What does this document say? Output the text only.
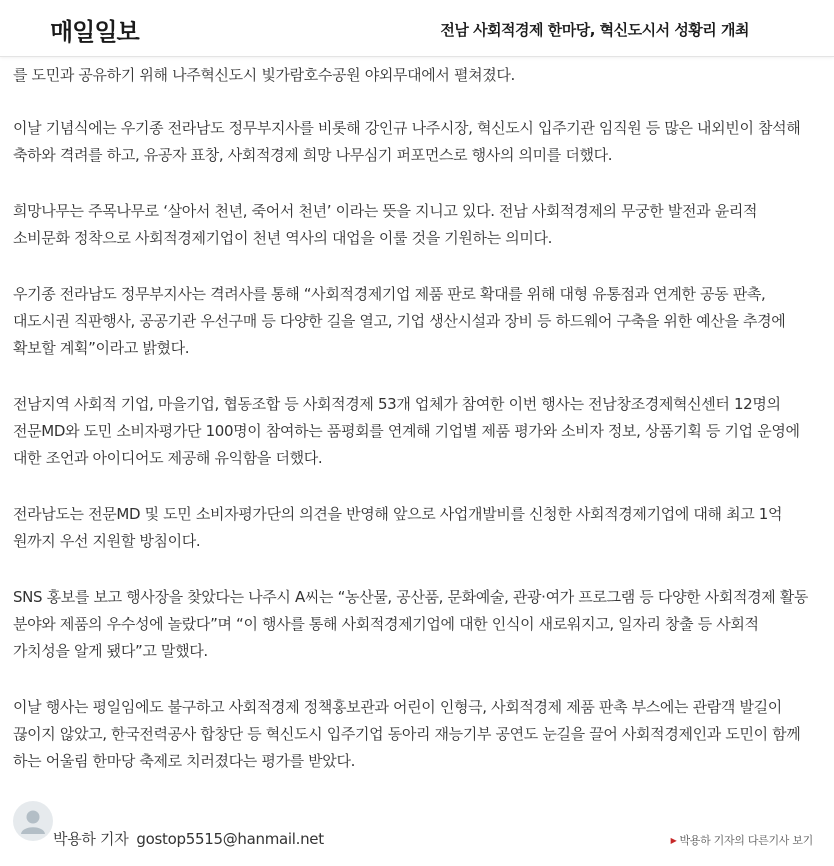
매일일보	전남 사회적경제 한마당, 혁신도시서 성황리 개최

를 도민과 공유하기 위해 나주혁신도시 빛가람호수공원 야외무대에서 펼쳐졌다.

이날 기념식에는 우기종 전라남도 정무부지사를 비롯해 강인규 나주시장, 혁신도시 입주기관 임직원 등 많은 내외빈이 참석해 축하와 격려를 하고, 유공자 표창, 사회적경제 희망 나무심기 퍼포먼스로 행사의 의미를 더했다.

희망나무는 주목나무로 ‘살아서 천년, 죽어서 천년’ 이라는 뜻을 지니고 있다. 전남 사회적경제의 무궁한 발전과 윤리적 소비문화 정착으로 사회적경제기업이 천년 역사의 대업을 이룰 것을 기원하는 의미다.

우기종 전라남도 정무부지사는 격려사를 통해 “사회적경제기업 제품 판로 확대를 위해 대형 유통점과 연계한 공동 판촉, 대도시권 직판행사, 공공기관 우선구매 등 다양한 길을 열고, 기업 생산시설과 장비 등 하드웨어 구축을 위한 예산을 추경에 확보할 계획”이라고 밝혔다.

전남지역 사회적 기업, 마을기업, 협동조합 등 사회적경제 53개 업체가 참여한 이번 행사는 전남창조경제혁신센터 12명의 전문MD와 도민 소비자평가단 100명이 참여하는 품평회를 연계해 기업별 제품 평가와 소비자 정보, 상품기획 등 기업 운영에 대한 조언과 아이디어도 제공해 유익함을 더했다.

전라남도는 전문MD 및 도민 소비자평가단의 의견을 반영해 앞으로 사업개발비를 신청한 사회적경제기업에 대해 최고 1억 원까지 우선 지원할 방침이다.

SNS 홍보를 보고 행사장을 찾았다는 나주시 A씨는 “농산물, 공산품, 문화예술, 관광·여가 프로그램 등 다양한 사회적경제 활동 분야와 제품의 우수성에 놀랐다”며 “이 행사를 통해 사회적경제기업에 대한 인식이 새로워지고, 일자리 창출 등 사회적 가치성을 알게 됐다”고 말했다.

이날 행사는 평일임에도 불구하고 사회적경제 정책홍보관과 어린이 인형극, 사회적경제 제품 판촉 부스에는 관람객 발길이 끊이지 않았고, 한국전력공사 합창단 등 혁신도시 입주기업 동아리 재능기부 공연도 눈길을 끌어 사회적경제인과 도민이 함께 하는 어울림 한마당 축제로 치러졌다는 평가를 받았다.

박용하 기자 gostop5515@hanmail.net	▶ 박용하 기자의 다른기사 보기
